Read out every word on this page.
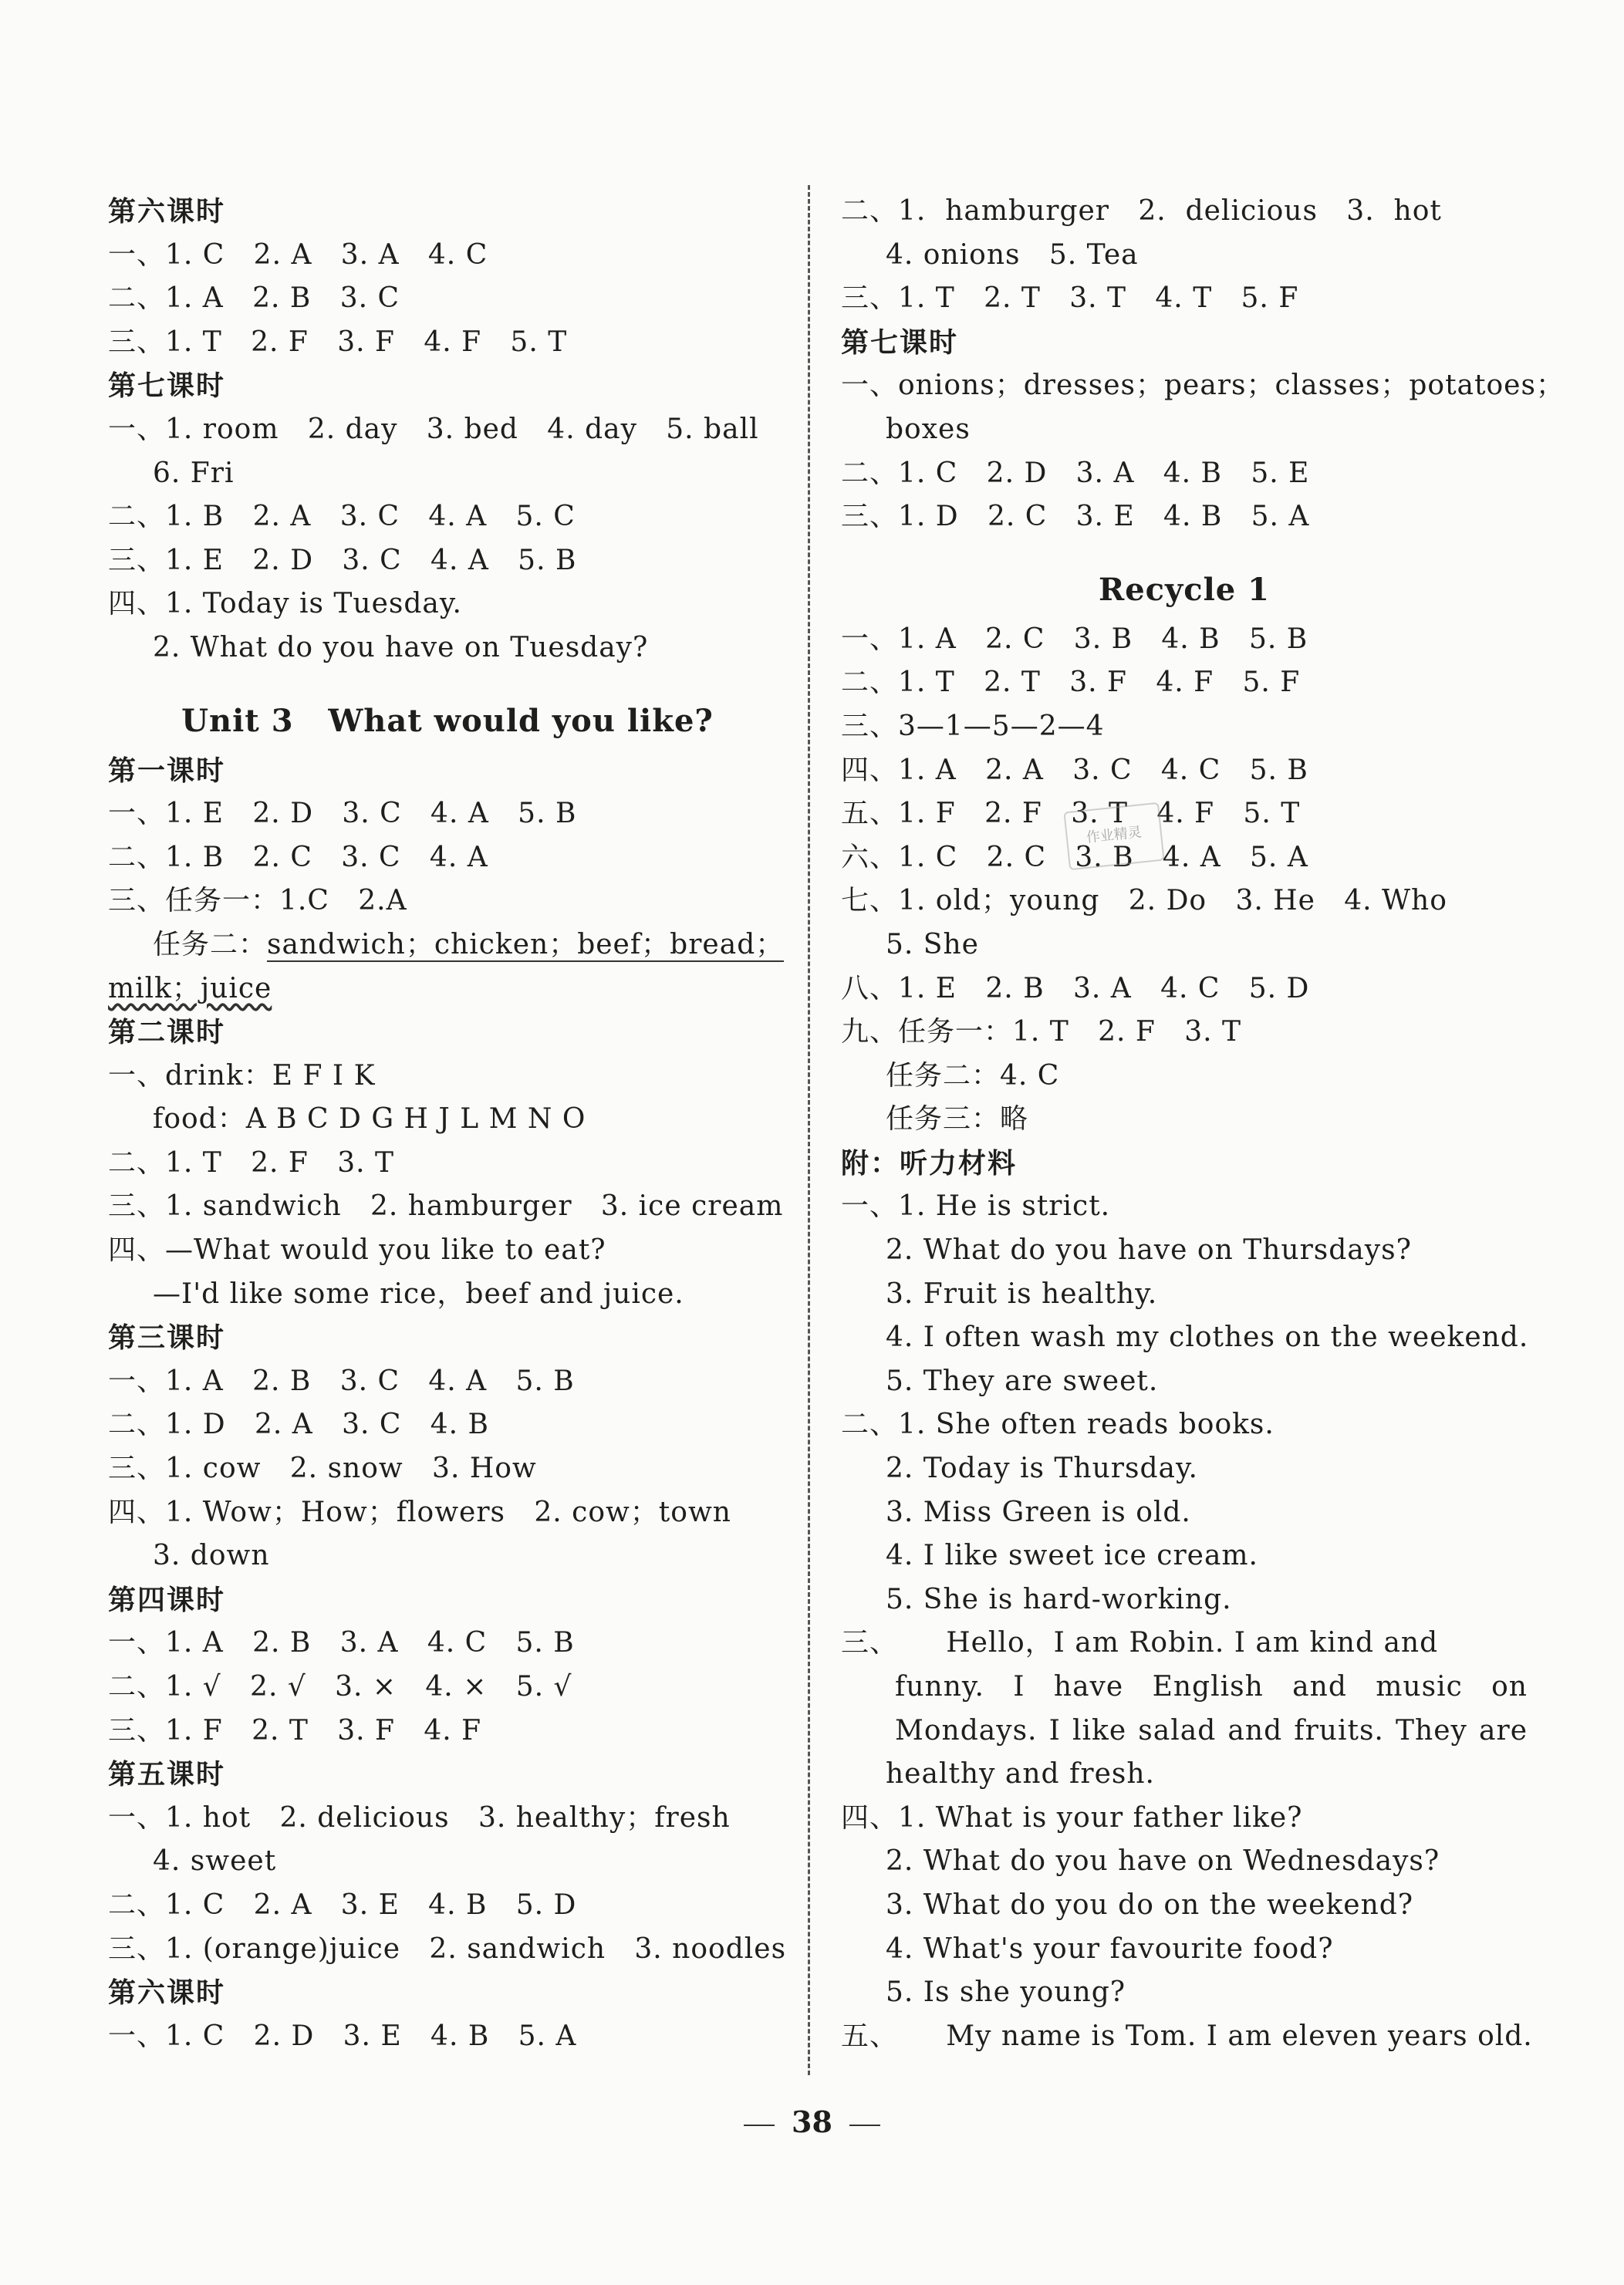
第六课时
一、1. C   2. A   3. A   4. C
二、1. A   2. B   3. C
三、1. T   2. F   3. F   4. F   5. T
第七课时
一、1. room   2. day   3. bed   4. day   5. ball
6. Fri
二、1. B   2. A   3. C   4. A   5. C
三、1. E   2. D   3. C   4. A   5. B
四、1. Today is Tuesday.
2. What do you have on Tuesday?
Unit 3   What would you like?
第一课时
一、1. E   2. D   3. C   4. A   5. B
二、1. B   2. C   3. C   4. A
三、任务一：1.C   2.A
任务二：sandwich；chicken；beef；bread；
milk；juice
第二课时
一、drink：E F I K
food：A B C D G H J L M N O
二、1. T   2. F   3. T
三、1. sandwich   2. hamburger   3. ice cream
四、—What would you like to eat?
—I'd like some rice，beef and juice.
第三课时
一、1. A   2. B   3. C   4. A   5. B
二、1. D   2. A   3. C   4. B
三、1. cow   2. snow   3. How
四、1. Wow；How；flowers   2. cow；town
3. down
第四课时
一、1. A   2. B   3. A   4. C   5. B
二、1. √   2. √   3. ×   4. ×   5. √
三、1. F   2. T   3. F   4. F
第五课时
一、1. hot   2. delicious   3. healthy；fresh
4. sweet
二、1. C   2. A   3. E   4. B   5. D
三、1. (orange)juice   2. sandwich   3. noodles
第六课时
一、1. C   2. D   3. E   4. B   5. A
二、1.  hamburger   2.  delicious   3.  hot
4. onions   5. Tea
三、1. T   2. T   3. T   4. T   5. F
第七课时
一、onions；dresses；pears；classes；potatoes；
boxes
二、1. C   2. D   3. A   4. B   5. E
三、1. D   2. C   3. E   4. B   5. A
Recycle 1
一、1. A   2. C   3. B   4. B   5. B
二、1. T   2. T   3. F   4. F   5. F
三、3—1—5—2—4
四、1. A   2. A   3. C   4. C   5. B
五、1. F   2. F   3. T   4. F   5. T
六、1. C   2. C   3. B   4. A   5. A
七、1. old；young   2. Do   3. He   4. Who
5. She
八、1. E   2. B   3. A   4. C   5. D
九、任务一：1. T   2. F   3. T
任务二：4. C
任务三：略
附：听力材料
一、1. He is strict.
2. What do you have on Thursdays?
3. Fruit is healthy.
4. I often wash my clothes on the weekend.
5. They are sweet.
二、1. She often reads books.
2. Today is Thursday.
3. Miss Green is old.
4. I like sweet ice cream.
5. She is hard-working.
三、     Hello，I am Robin. I am kind and
funny. I have English and music on
Mondays. I like salad and fruits. They are
healthy and fresh.
四、1. What is your father like?
2. What do you have on Wednesdays?
3. What do you do on the weekend?
4. What's your favourite food?
5. Is she young?
五、     My name is Tom. I am eleven years old.
作业精灵
38
